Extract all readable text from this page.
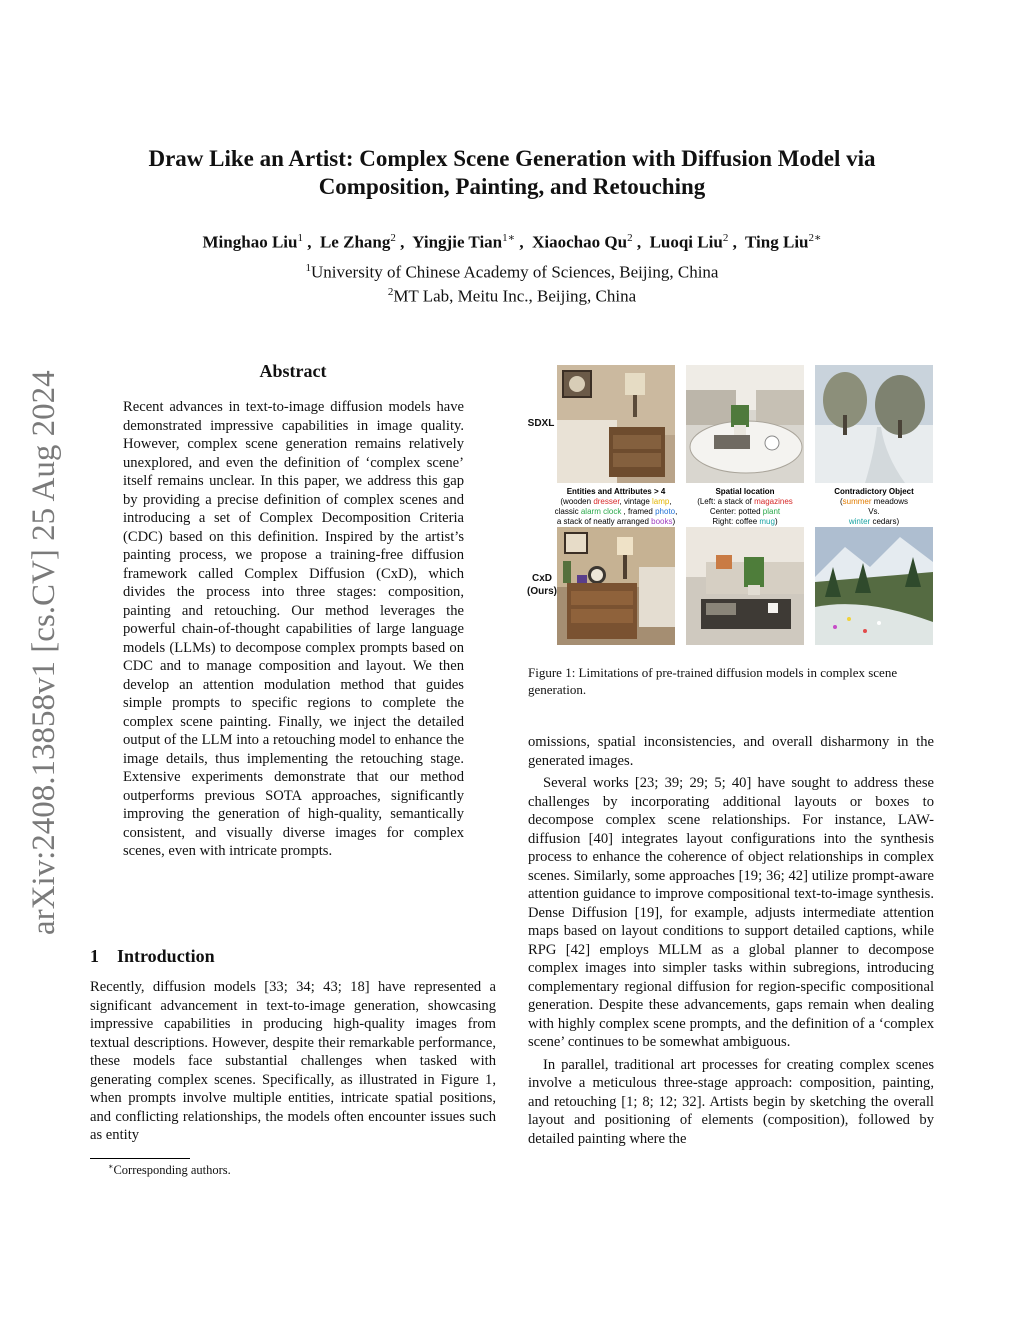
arXiv:2408.13858v1 [cs.CV] 25 Aug 2024
Draw Like an Artist: Complex Scene Generation with Diffusion Model via
Composition, Painting, and Retouching
Minghao Liu$^1$ ,  Le Zhang$^2$ ,  Yingjie Tian$^{1∗}$ ,  Xiaochao Qu$^2$ ,  Luoqi Liu$^2$ ,  Ting Liu$^{2∗}$
$^1$University of Chinese Academy of Sciences, Beijing, China
$^2$MT Lab, Meitu Inc., Beijing, China
Abstract
Recent advances in text-to-image diffusion models have demonstrated impressive capabilities in image quality. However, complex scene generation remains relatively unexplored, and even the definition of ‘complex scene’ itself remains unclear. In this paper, we address this gap by providing a precise definition of complex scenes and introducing a set of Complex Decomposition Criteria (CDC) based on this definition. Inspired by the artist’s painting process, we propose a training-free diffusion framework called Complex Diffusion (CxD), which divides the process into three stages: composition, painting and retouching. Our method leverages the powerful chain-of-thought capabilities of large language models (LLMs) to decompose complex prompts based on CDC and to manage composition and layout. We then develop an attention modulation method that guides simple prompts to specific regions to complete the complex scene painting. Finally, we inject the detailed output of the LLM into a retouching model to enhance the image details, thus implementing the retouching stage. Extensive experiments demonstrate that our method outperforms previous SOTA approaches, significantly improving the generation of high-quality, semantically consistent, and visually diverse images for complex scenes, even with intricate prompts.
1 Introduction
Recently, diffusion models [33; 34; 43; 18] have represented a significant advancement in text-to-image generation, showcasing impressive capabilities in producing high-quality images from textual descriptions. However, despite their remarkable performance, these models face substantial challenges when tasked with generating complex scenes. Specifically, as illustrated in Figure 1, when prompts involve multiple entities, intricate spatial positions, and conflicting relationships, the models often encounter issues such as entity
∗Corresponding authors.
SDXL
CxD
(Ours)
Entities and Attributes > 4
(wooden dresser, vintage lamp,
classic alarm clock , framed photo,
a stack of neatly arranged books)
Spatial location
(Left: a stack of magazines
Center: potted plant
Right: coffee mug)
Contradictory Object
(summer meadows
Vs.
winter cedars)
Figure 1: Limitations of pre-trained diffusion models in complex scene generation.

omissions, spatial inconsistencies, and overall disharmony in the generated images.

Several works [23; 39; 29; 5; 40] have sought to address these challenges by incorporating additional layouts or boxes to decompose complex scene relationships. For instance, LAW-diffusion [40] integrates layout configurations into the synthesis process to enhance the coherence of object relationships in complex scenes. Similarly, some approaches [19; 36; 42] utilize prompt-aware attention guidance to improve compositional text-to-image synthesis. Dense Diffusion [19], for example, adjusts intermediate attention maps based on layout conditions to support detailed captions, while RPG [42] employs MLLM as a global planner to decompose complex images into simpler tasks within subregions, introducing complementary regional diffusion for region-specific compositional generation. Despite these advancements, gaps remain when dealing with highly complex scene prompts, and the definition of a ‘complex scene’ continues to be somewhat ambiguous.

In parallel, traditional art processes for creating complex scenes involve a meticulous three-stage approach: composition, painting, and retouching [1; 8; 12; 32]. Artists begin by sketching the overall layout and positioning of elements (composition), followed by detailed painting where the
